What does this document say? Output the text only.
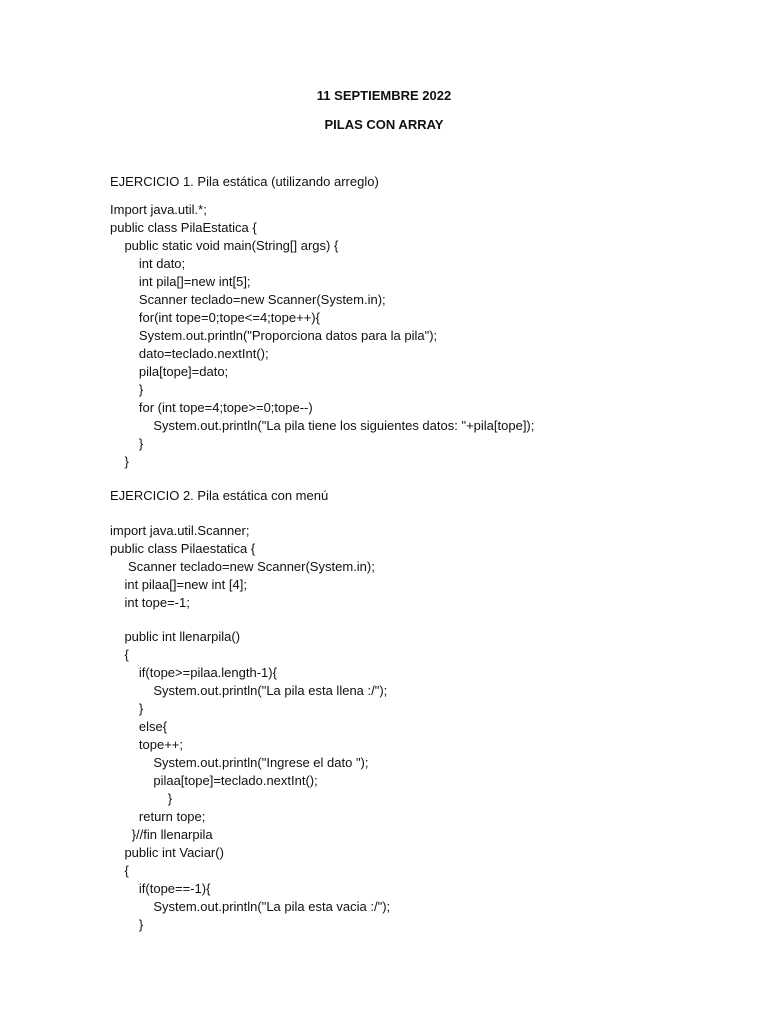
11 SEPTIEMBRE 2022
PILAS CON ARRAY
EJERCICIO 1. Pila estática (utilizando arreglo)
Import java.util.*;
public class PilaEstatica {
public static void main(String[] args) {
int dato;
int pila[]=new int[5];
Scanner teclado=new Scanner(System.in);
for(int tope=0;tope<=4;tope++){
System.out.println("Proporciona datos para la pila");
dato=teclado.nextInt();
pila[tope]=dato;
}
for (int tope=4;tope>=0;tope--)
System.out.println("La pila tiene los siguientes datos: "+pila[tope]);
}
}
EJERCICIO 2. Pila estática con menú
import java.util.Scanner;
public class Pilaestatica {
Scanner teclado=new Scanner(System.in);
int pilaa[]=new int [4];
int tope=-1;
public int llenarpila()
{
if(tope>=pilaa.length-1){
System.out.println("La pila esta llena :/");
}
else{
tope++;
System.out.println("Ingrese el dato ");
pilaa[tope]=teclado.nextInt();
}
return tope;
}//fin llenarpila
public int Vaciar()
{
if(tope==-1){
System.out.println("La pila esta vacia :/");
}
